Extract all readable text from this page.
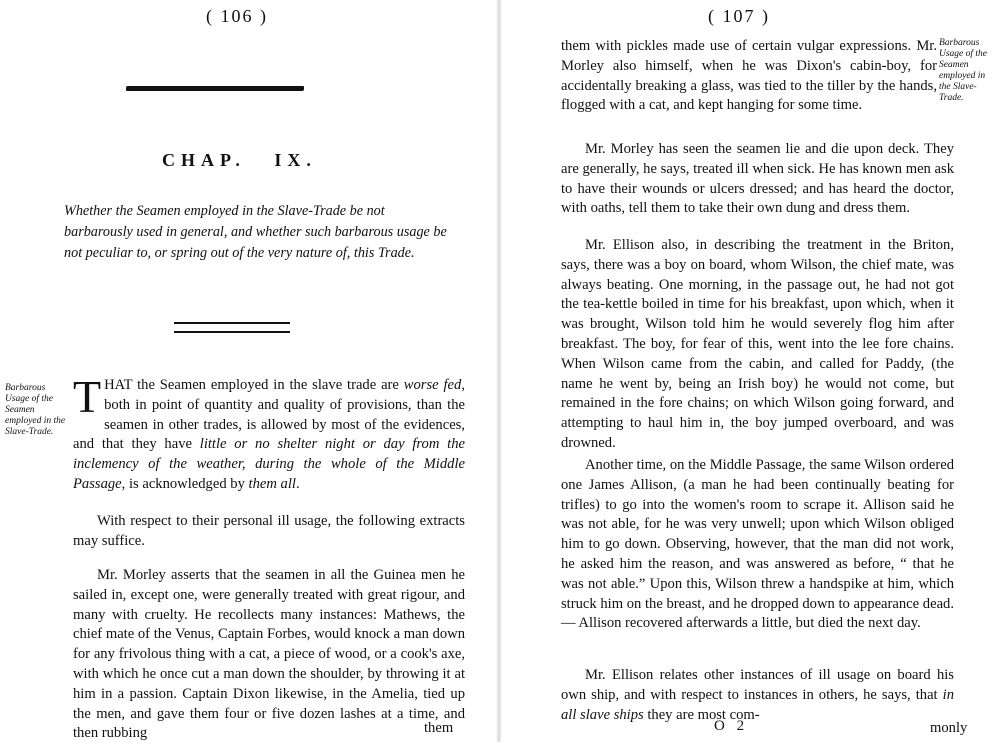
( 106 )
CHAP. IX.
Whether the Seamen employed in the Slave-Trade be not barbarously used in general, and whether such barbarous usage be not peculiar to, or spring out of the very nature of, this Trade.
Barbarous Usage of the Seamen employed in the Slave-Trade.

THAT the Seamen employed in the slave trade are worse fed, both in point of quantity and quality of provisions, than the seamen in other trades, is allowed by most of the evidences, and that they have little or no shelter night or day from the inclemency of the weather, during the whole of the Middle Passage, is acknowledged by them all.

With respect to their personal ill usage, the following extracts may suffice.

Mr. Morley asserts that the seamen in all the Guinea men he sailed in, except one, were generally treated with great rigour, and many with cruelty. He recollects many instances: Mathews, the chief mate of the Venus, Captain Forbes, would knock a man down for any frivolous thing with a cat, a piece of wood, or a cook's axe, with which he once cut a man down the shoulder, by throwing it at him in a passion. Captain Dixon likewise, in the Amelia, tied up the men, and gave them four or five dozen lashes at a time, and then rubbing	them
( 107 )
Barbarous Usage of the Seamen employed in the Slave-Trade.

them with pickles made use of certain vulgar expressions. Mr. Morley also himself, when he was Dixon's cabin-boy, for accidentally breaking a glass, was tied to the tiller by the hands, flogged with a cat, and kept hanging for some time.

Mr. Morley has seen the seamen lie and die upon deck. They are generally, he says, treated ill when sick. He has known men ask to have their wounds or ulcers dressed; and has heard the doctor, with oaths, tell them to take their own dung and dress them.

Mr. Ellison also, in describing the treatment in the Briton, says, there was a boy on board, whom Wilson, the chief mate, was always beating. One morning, in the passage out, he had not got the tea-kettle boiled in time for his breakfast, upon which, when it was brought, Wilson told him he would severely flog him after breakfast. The boy, for fear of this, went into the lee fore chains. When Wilson came from the cabin, and called for Paddy, (the name he went by, being an Irish boy) he would not come, but remained in the fore chains; on which Wilson going forward, and attempting to haul him in, the boy jumped overboard, and was drowned.

Another time, on the Middle Passage, the same Wilson ordered one James Allison, (a man he had been continually beating for trifles) to go into the women's room to scrape it. Allison said he was not able, for he was very unwell; upon which Wilson obliged him to go down. Observing, however, that the man did not work, he asked him the reason, and was answered as before, “ that he was not able.” Upon this, Wilson threw a handspike at him, which struck him on the breast, and he dropped down to appearance dead. — Allison recovered afterwards a little, but died the next day.

Mr. Ellison relates other instances of ill usage on board his own ship, and with respect to instances in others, he says, that in all slave ships they are most com-

O 2	monly
